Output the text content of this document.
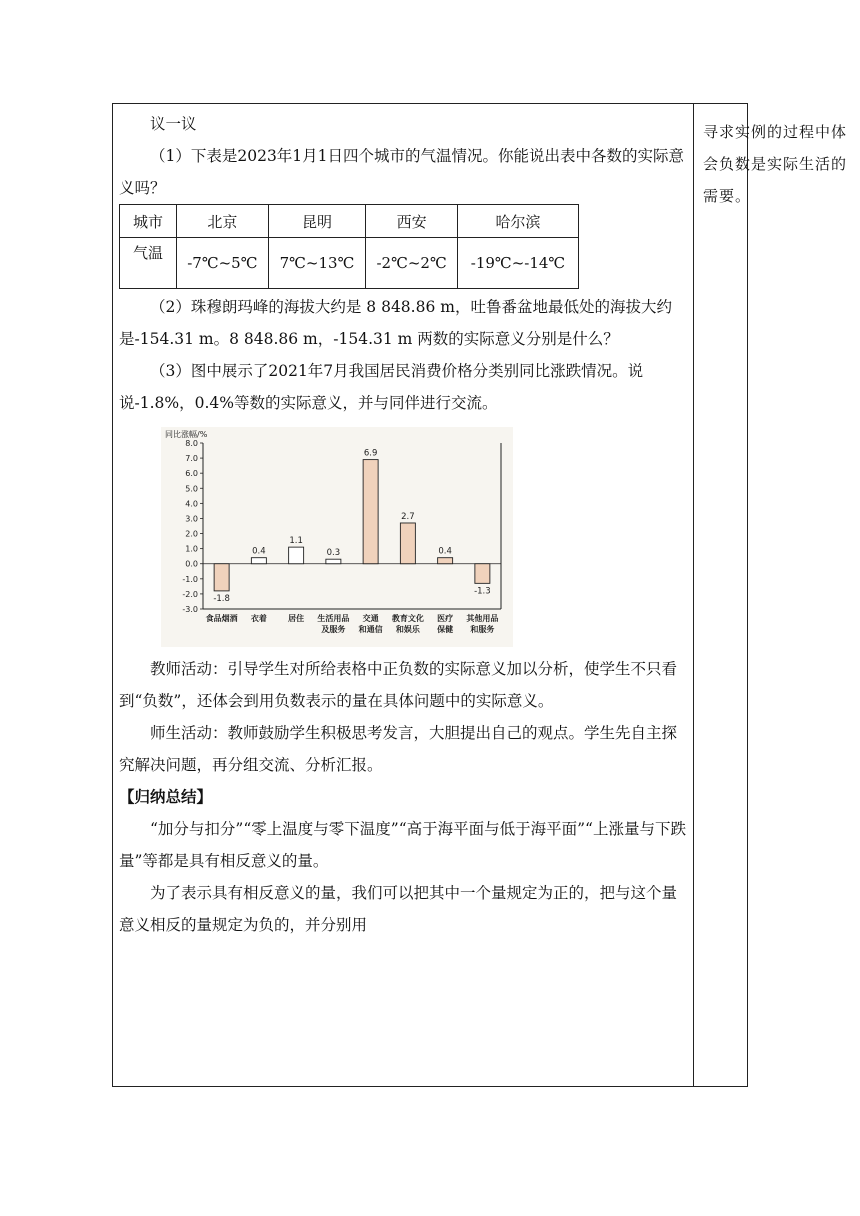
议一议

（1）下表是2023年1月1日四个城市的气温情况。你能说出表中各数的实际意义吗？

城市	北京	昆明	西安	哈尔滨
气温	-7℃~5℃	7℃~13℃	-2℃~2℃	-19℃~-14℃

（2）珠穆朗玛峰的海拔大约是 8 848.86 m，吐鲁番盆地最低处的海拔大约是-154.31 m。8 848.86 m，-154.31 m 两数的实际意义分别是什么？

（3）图中展示了2021年7月我国居民消费价格分类别同比涨跌情况。说说-1.8%，0.4%等数的实际意义，并与同伴进行交流。

同比涨幅/%
8.0
7.0
6.0
5.0
4.0
3.0
2.0
1.0
0.0
-1.0
-2.0
-3.0
-1.8
食品烟酒
0.4
衣着
1.1
居住
0.3
生活用品
及服务
6.9
交通
和通信
2.7
教育文化
和娱乐
0.4
医疗
保健
-1.3
其他用品
和服务

教师活动：引导学生对所给表格中正负数的实际意义加以分析，使学生不只看到“负数”，还体会到用负数表示的量在具体问题中的实际意义。

师生活动：教师鼓励学生积极思考发言，大胆提出自己的观点。学生先自主探究解决问题，再分组交流、分析汇报。

【归纳总结】

“加分与扣分”“零上温度与零下温度”“高于海平面与低于海平面”“上涨量与下跌量”等都是具有相反意义的量。

为了表示具有相反意义的量，我们可以把其中一个量规定为正的，把与这个量意义相反的量规定为负的，并分别用

寻求实例的过程中体会负数是实际生活的需要。
